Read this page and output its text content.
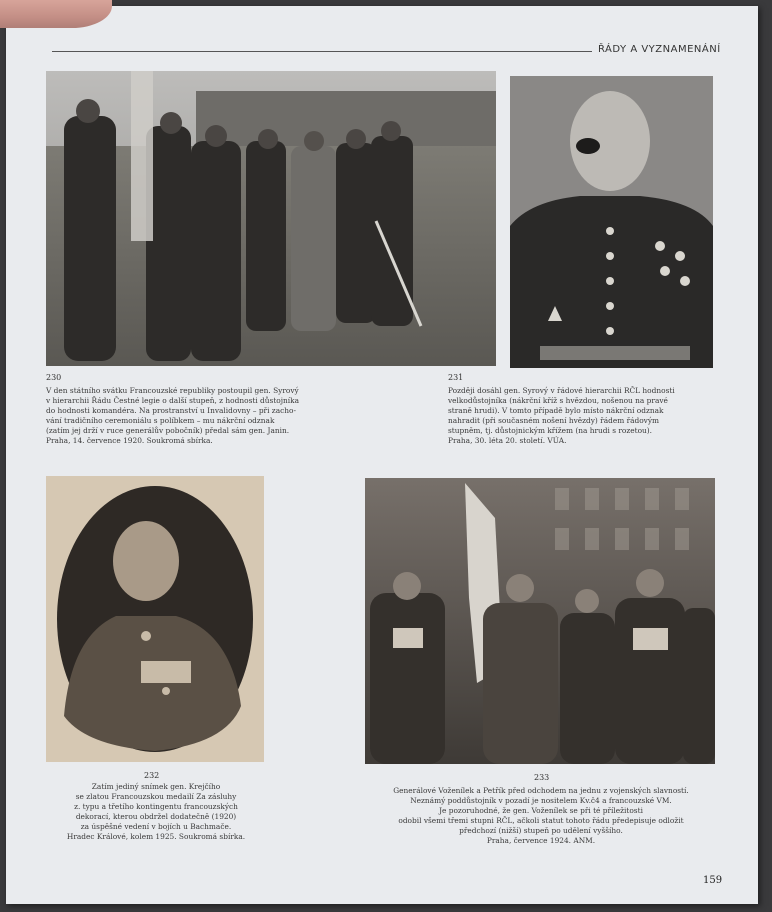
ŘÁDY A VYZNAMENÁNÍ
230

V den státního svátku Francouzské republiky postoupil gen. Syrový

v hierarchii Řádu Čestné legie o další stupeň, z hodnosti důstojníka

do hodnosti komandéra. Na prostranství u Invalidovny – při zacho-

vání tradičního ceremoniálu s políbkem – mu nákrční odznak

(zatím jej drží v ruce generálův pobočník) předal sám gen. Janin.

Praha, 14. července 1920. Soukromá sbírka.

231

Později dosáhl gen. Syrový v řádové hierarchii RČL hodnosti

velkodůstojníka (nákrční kříž s hvězdou, nošenou na pravé

straně hrudi). V tomto případě bylo místo nákrční odznak

nahradit (při současném nošení hvězdy) řádem řádovým

stupněm, tj. důstojnickým křížem (na hrudi s rozetou).

Praha, 30. léta 20. století. VÚA.

232

Zatím jediný snímek gen. Krejčího

se zlatou Francouzskou medailí Za zásluhy

z. typu a třetího kontingentu francouzských

dekorací, kterou obdržel dodatečně (1920)

za úspěšné vedení v bojích u Bachmače.

Hradec Králové, kolem 1925. Soukromá sbírka.

233

Generálové Voženílek a Petřík před odchodem na jednu z vojenských slavností.

Neznámý poddůstojník v pozadí je nositelem Kv.č4 a francouzské VM.

Je pozoruhodné, že gen. Voženílek se při té příležitosti

odobil všemi třemi stupni RČL, ačkoli statut tohoto řádu předepisuje odložit

předchozí (nižší) stupeň po udělení vyššího.

Praha, července 1924. ANM.

159
